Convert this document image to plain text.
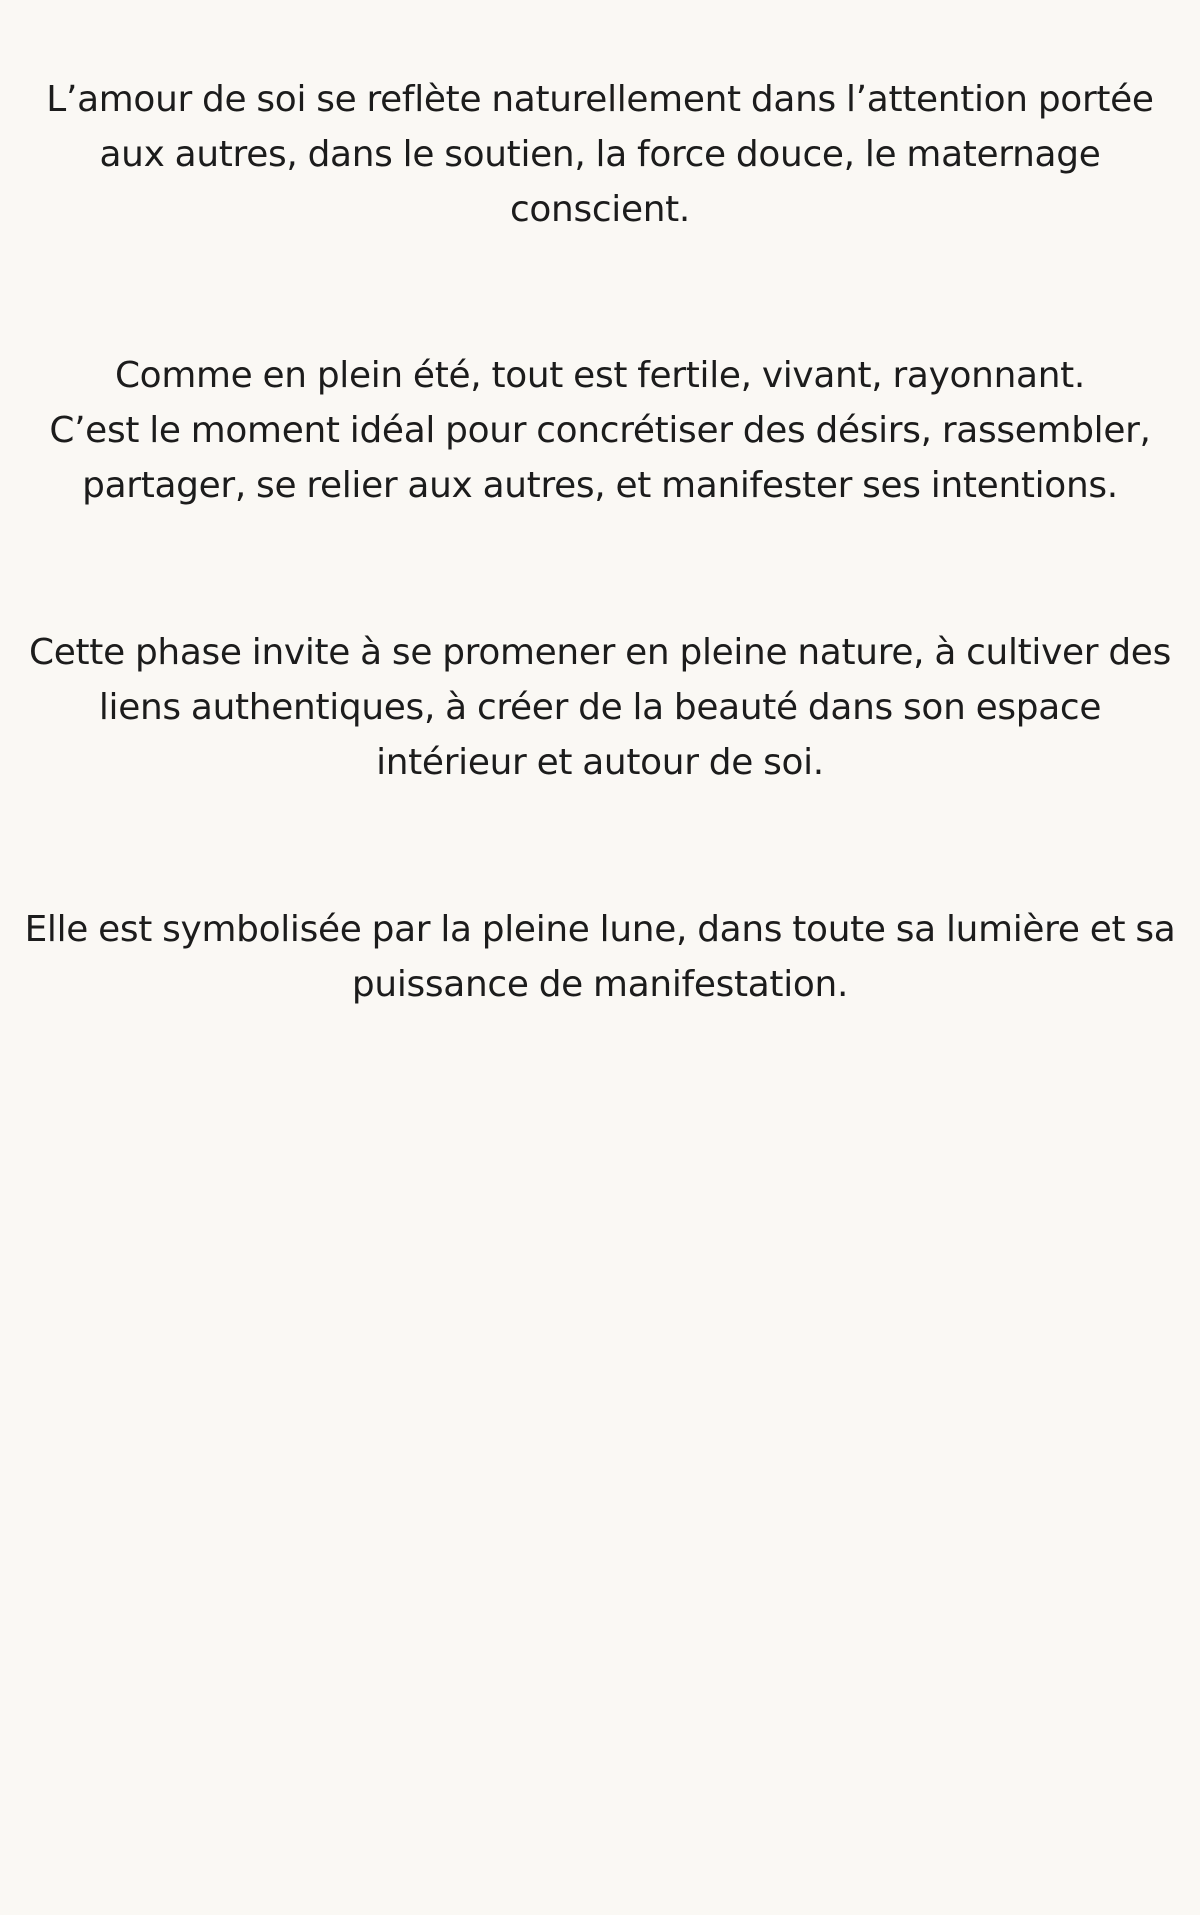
L’amour de soi se reflète naturellement dans l’attention portée
aux autres, dans le soutien, la force douce, le maternage
conscient.

Comme en plein été, tout est fertile, vivant, rayonnant.
C’est le moment idéal pour concrétiser des désirs, rassembler,
partager, se relier aux autres, et manifester ses intentions.

Cette phase invite à se promener en pleine nature, à cultiver des
liens authentiques, à créer de la beauté dans son espace
intérieur et autour de soi.

Elle est symbolisée par la pleine lune, dans toute sa lumière et sa
puissance de manifestation.
